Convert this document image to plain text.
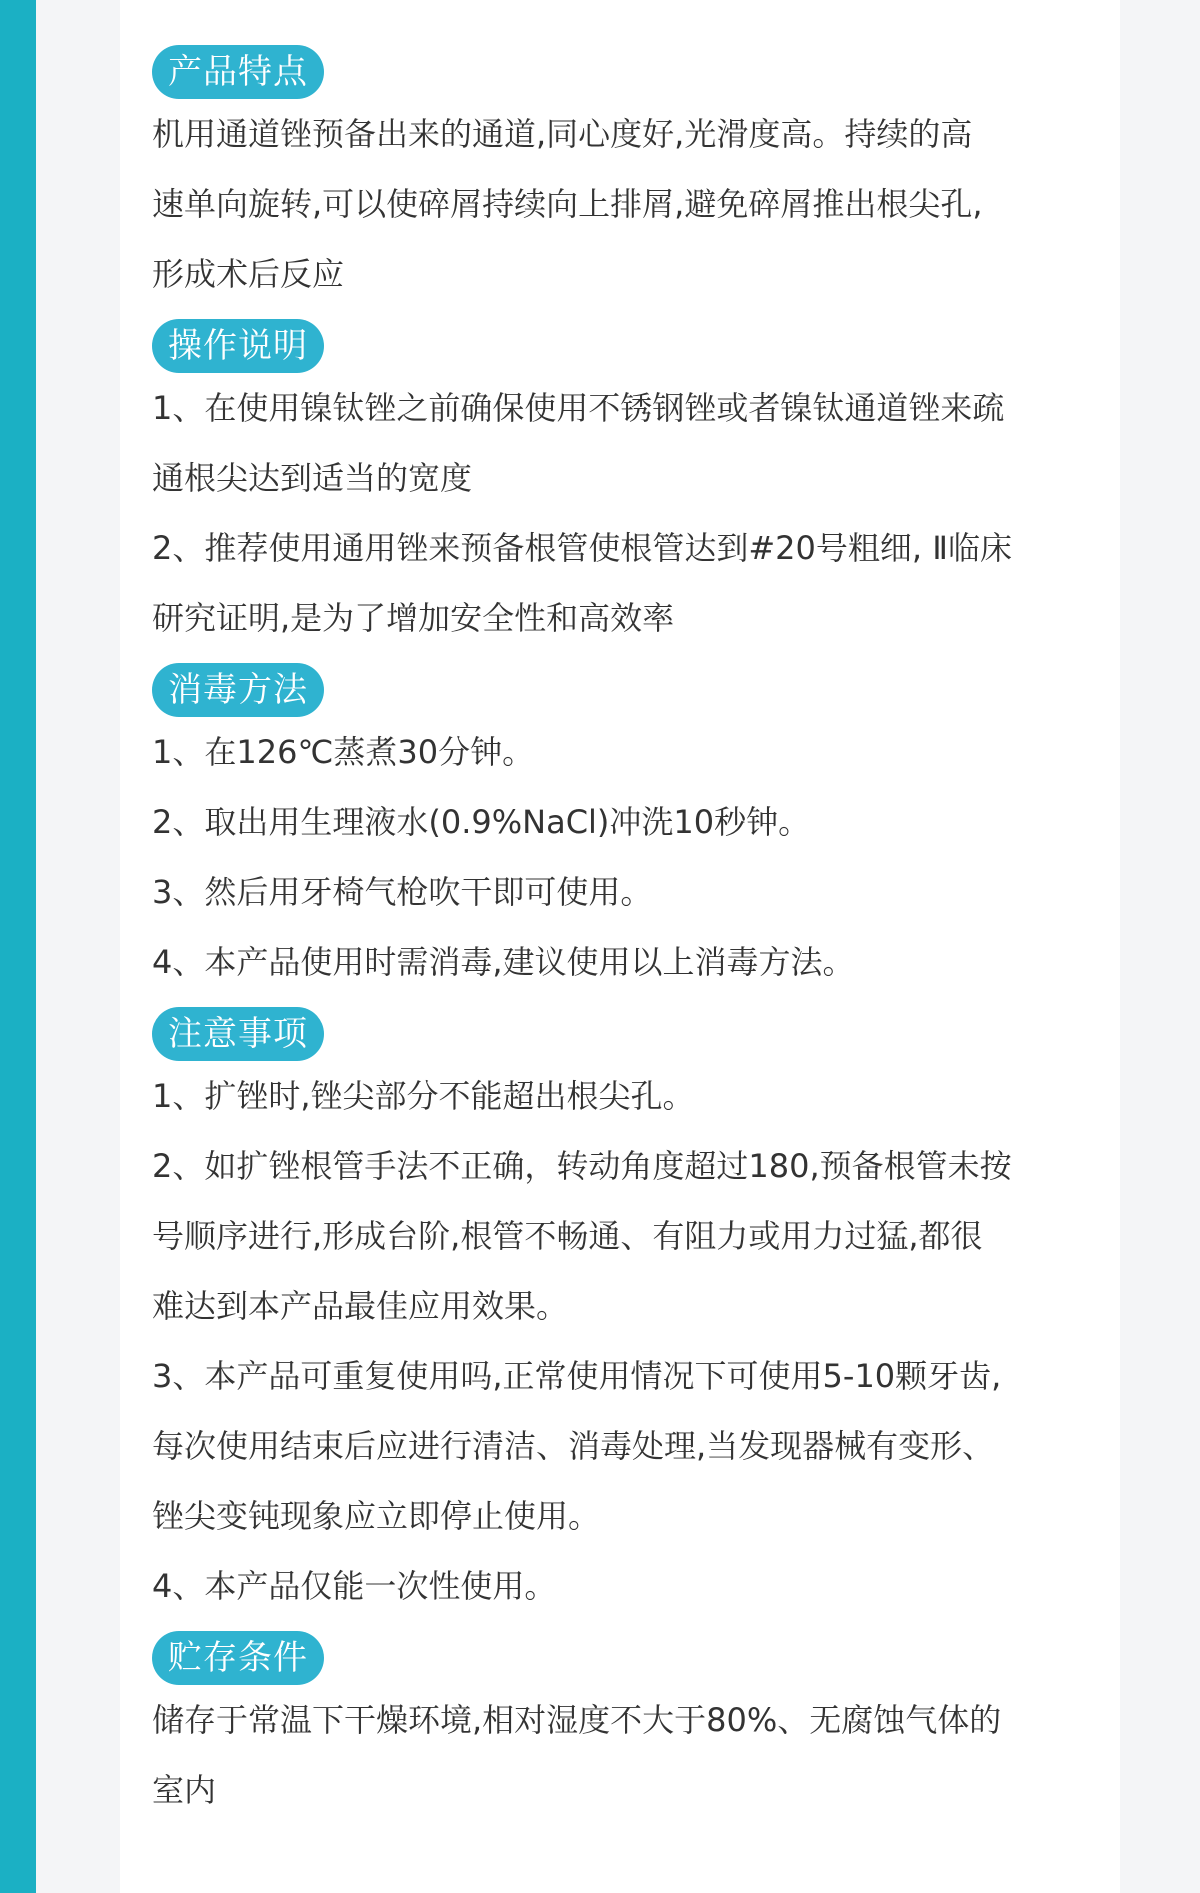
产品特点

机用通道锉预备出来的通道,同心度好,光滑度高。持续的高

速单向旋转,可以使碎屑持续向上排屑,避免碎屑推出根尖孔,

形成术后反应

操作说明

1、在使用镍钛锉之前确保使用不锈钢锉或者镍钛通道锉来疏

通根尖达到适当的宽度

2、推荐使用通用锉来预备根管使根管达到#20号粗细, Ⅱ临床

研究证明,是为了增加安全性和高效率

消毒方法

1、在126℃蒸煮30分钟。

2、取出用生理液水(0.9%NaCl)冲洗10秒钟。

3、然后用牙椅气枪吹干即可使用。

4、本产品使用时需消毒,建议使用以上消毒方法。

注意事项

1、扩锉时,锉尖部分不能超出根尖孔。

2、如扩锉根管手法不正确，转动角度超过180,预备根管未按

号顺序进行,形成台阶,根管不畅通、有阻力或用力过猛,都很

难达到本产品最佳应用效果。

3、本产品可重复使用吗,正常使用情况下可使用5-10颗牙齿,

每次使用结束后应进行清洁、消毒处理,当发现器械有变形、

锉尖变钝现象应立即停止使用。

4、本产品仅能一次性使用。

贮存条件

储存于常温下干燥环境,相对湿度不大于80%、无腐蚀气体的

室内
